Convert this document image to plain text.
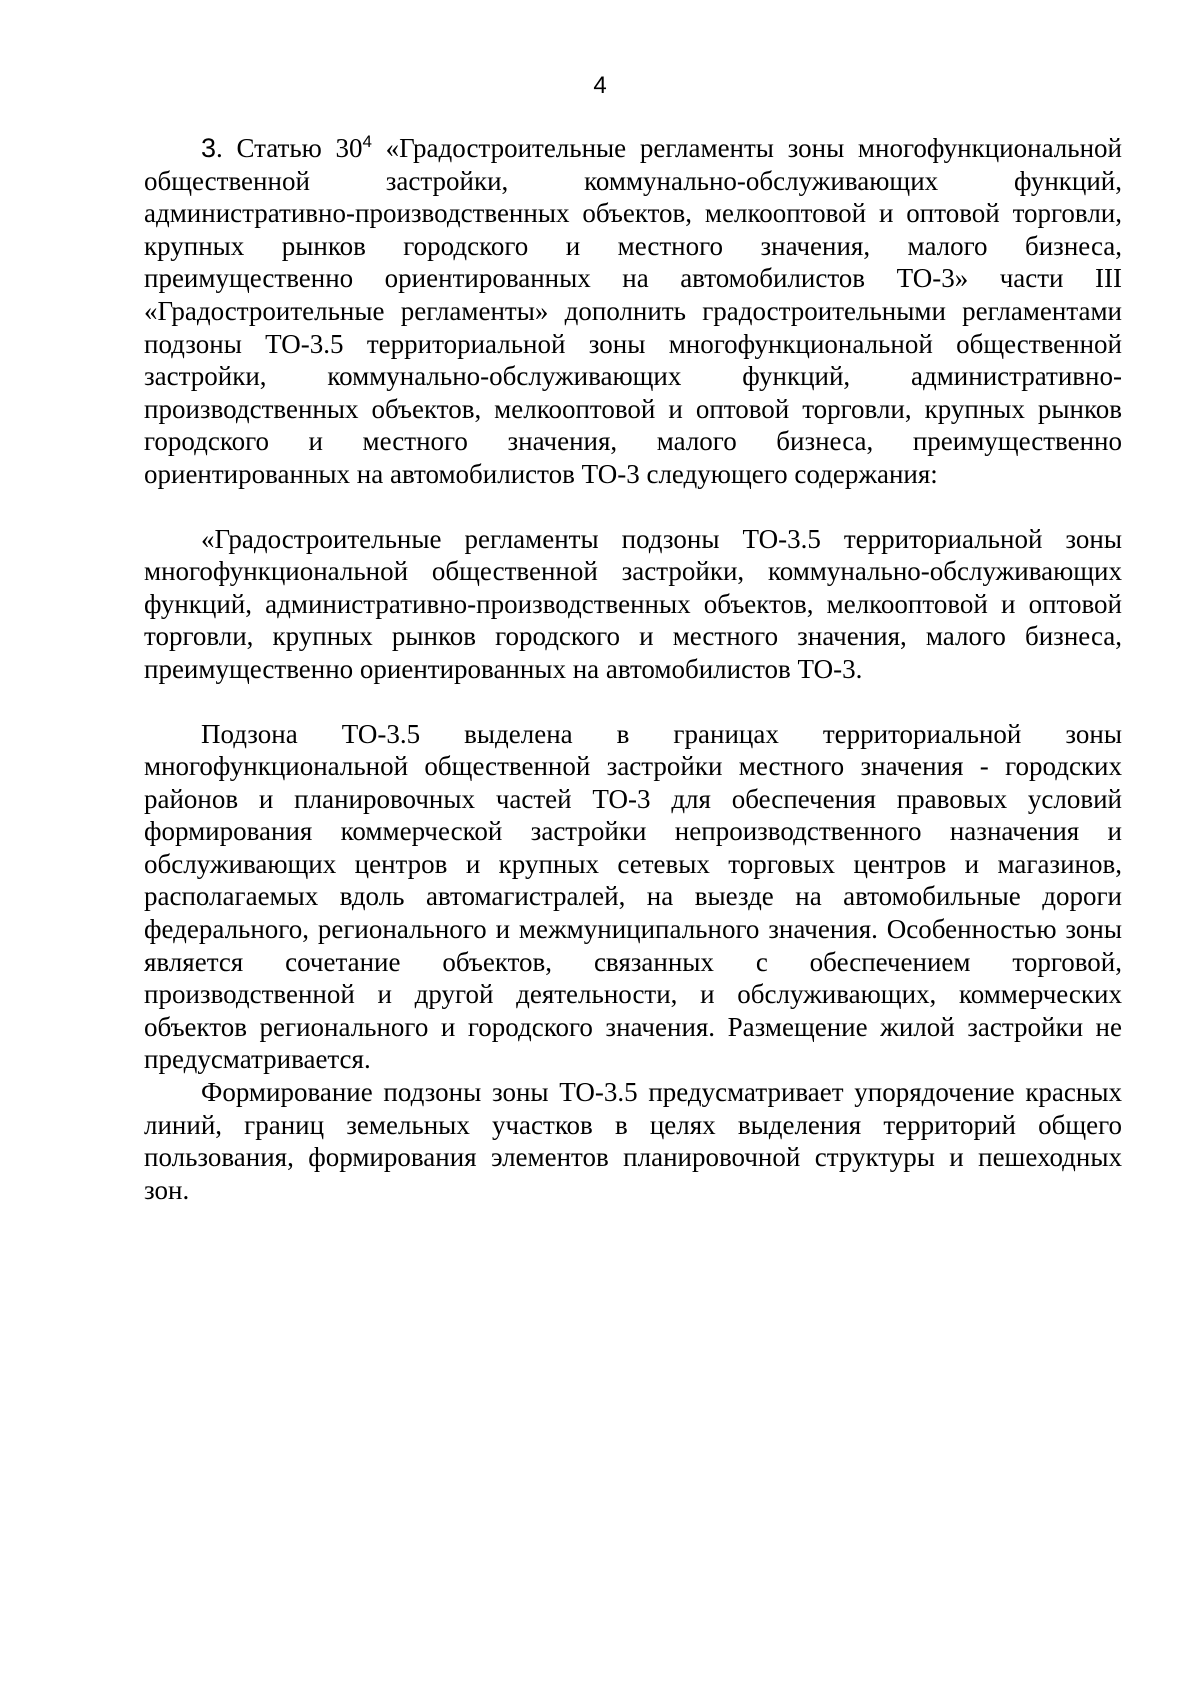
4

3. Статью $30^4$ «Градостроительные регламенты зоны многофункциональной общественной застройки, коммунально-обслуживающих функций, административно-производственных объектов, мелкооптовой и оптовой торговли, крупных рынков городского и местного значения, малого бизнеса, преимущественно ориентированных на автомобилистов ТО-3» части III «Градостроительные регламенты» дополнить градостроительными регламентами подзоны ТО-3.5 территориальной зоны многофункциональной общественной застройки, коммунально-обслуживающих функций, административно-производственных объектов, мелкооптовой и оптовой торговли, крупных рынков городского и местного значения, малого бизнеса, преимущественно ориентированных на автомобилистов ТО-3 следующего содержания:

«Градостроительные регламенты подзоны ТО-3.5 территориальной зоны многофункциональной общественной застройки, коммунально-обслуживающих функций, административно-производственных объектов, мелкооптовой и оптовой торговли, крупных рынков городского и местного значения, малого бизнеса, преимущественно ориентированных на автомобилистов ТО-3.

Подзона ТО-3.5 выделена в границах территориальной зоны многофункциональной общественной застройки местного значения - городских районов и планировочных частей ТО-3 для обеспечения правовых условий формирования коммерческой застройки непроизводственного назначения и обслуживающих центров и крупных сетевых торговых центров и магазинов, располагаемых вдоль автомагистралей, на выезде на автомобильные дороги федерального, регионального и межмуниципального значения. Особенностью зоны является сочетание объектов, связанных с обеспечением торговой, производственной и другой деятельности, и обслуживающих, коммерческих объектов регионального и городского значения. Размещение жилой застройки не предусматривается.

Формирование подзоны зоны ТО-3.5 предусматривает упорядочение красных линий, границ земельных участков в целях выделения территорий общего пользования, формирования элементов планировочной структуры и пешеходных зон.
